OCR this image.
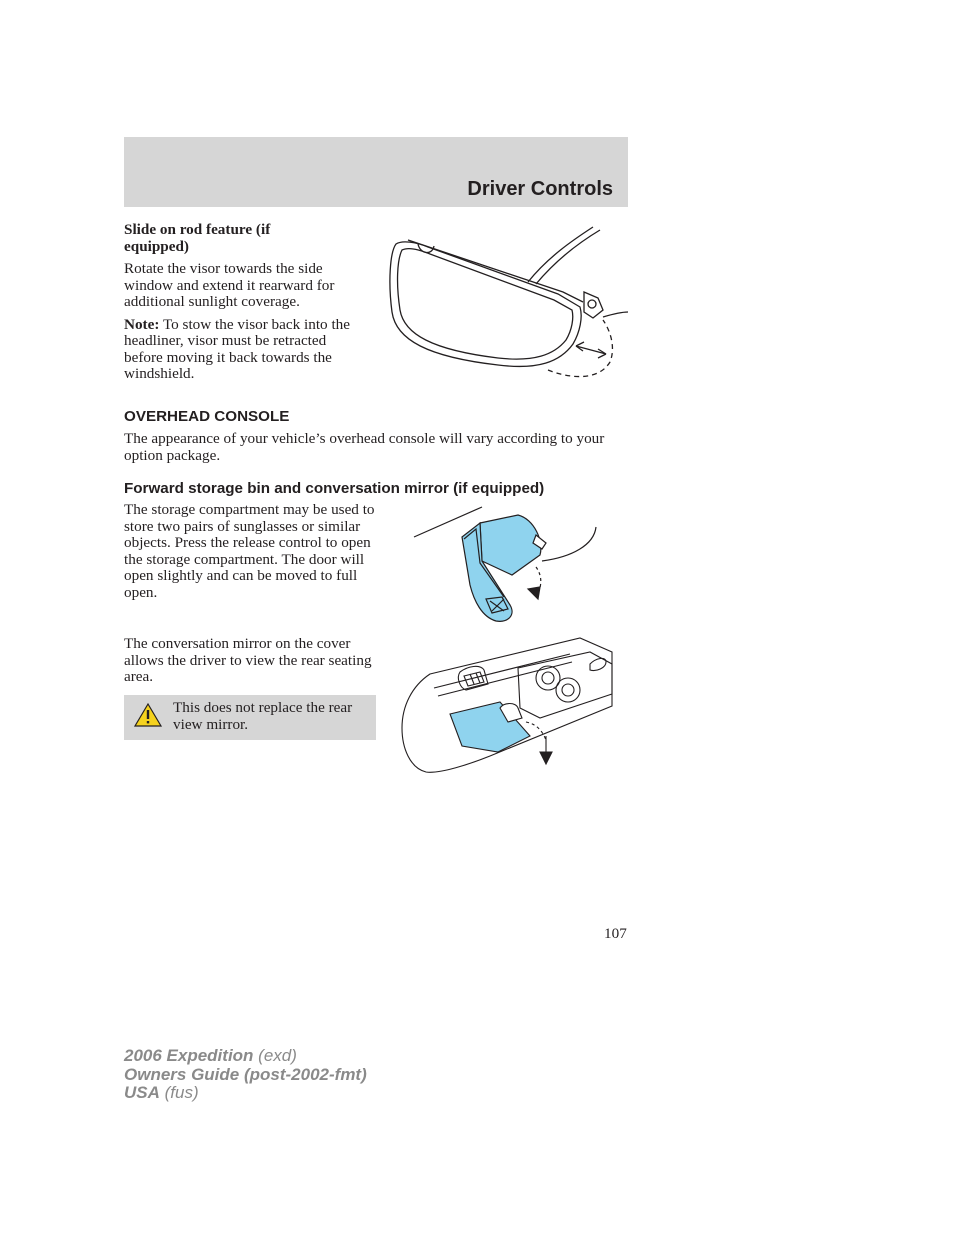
Driver Controls

Slide on rod feature (if equipped)

Rotate the visor towards the side window and extend it rearward for additional sunlight coverage.

Note: To stow the visor back into the headliner, visor must be retracted before moving it back towards the windshield.

OVERHEAD CONSOLE

The appearance of your vehicle’s overhead console will vary according to your option package.

Forward storage bin and conversation mirror (if equipped)

The storage compartment may be used to store two pairs of sunglasses or similar objects. Press the release control to open the storage compartment. The door will open slightly and can be moved to full open.

The conversation mirror on the cover allows the driver to view the rear seating area.

This does not replace the rear view mirror.

107
2006 Expedition (exd)
Owners Guide (post-2002-fmt)
USA (fus)
